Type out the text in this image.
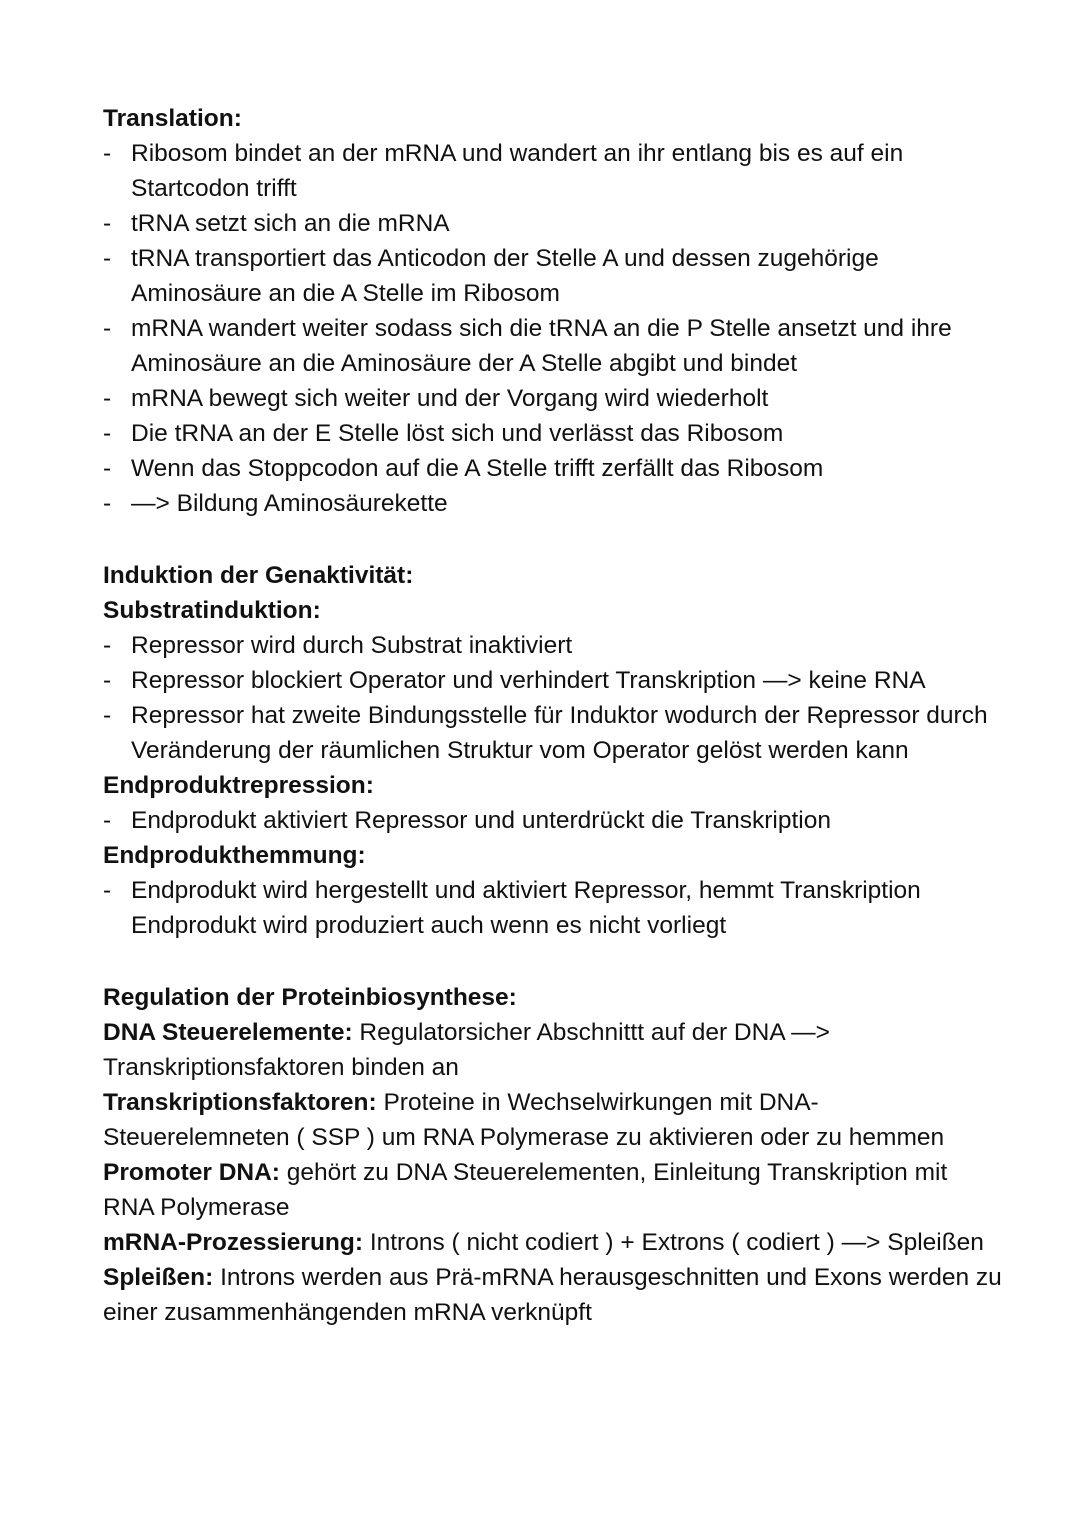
Translation:

- Ribosom bindet an der mRNA und wandert an ihr entlang bis es auf ein Startcodon trifft
- tRNA setzt sich an die mRNA
- tRNA transportiert das Anticodon der Stelle A und dessen zugehörige Aminosäure an die A Stelle im Ribosom
- mRNA wandert weiter sodass sich die tRNA an die P Stelle ansetzt und ihre Aminosäure an die Aminosäure der A Stelle abgibt und bindet
- mRNA bewegt sich weiter und der Vorgang wird wiederholt
- Die tRNA an der E Stelle löst sich und verlässt das Ribosom
- Wenn das Stoppcodon auf die A Stelle trifft zerfällt das Ribosom
- —> Bildung Aminosäurekette

Induktion der Genaktivität:

Substratinduktion:

- Repressor wird durch Substrat inaktiviert
- Repressor blockiert Operator und verhindert Transkription —> keine RNA
- Repressor hat zweite Bindungsstelle für Induktor wodurch der Repressor durch Veränderung der räumlichen Struktur vom Operator gelöst werden kann

Endproduktrepression:

- Endprodukt aktiviert Repressor und unterdrückt die Transkription

Endprodukthemmung:

- Endprodukt wird hergestellt und aktiviert Repressor, hemmt Transkription Endprodukt wird produziert auch wenn es nicht vorliegt

Regulation der Proteinbiosynthese:

DNA Steuerelemente: Regulatorsicher Abschnittt auf der DNA —> Transkriptionsfaktoren binden an

Transkriptionsfaktoren: Proteine in Wechselwirkungen mit DNA-Steuerelemneten ( SSP ) um RNA Polymerase zu aktivieren oder zu hemmen

Promoter DNA: gehört zu DNA Steuerelementen, Einleitung Transkription mit RNA Polymerase

mRNA-Prozessierung: Introns ( nicht codiert ) + Extrons ( codiert ) —> Spleißen

Spleißen: Introns werden aus Prä-mRNA herausgeschnitten und Exons werden zu einer zusammenhängenden mRNA verknüpft
